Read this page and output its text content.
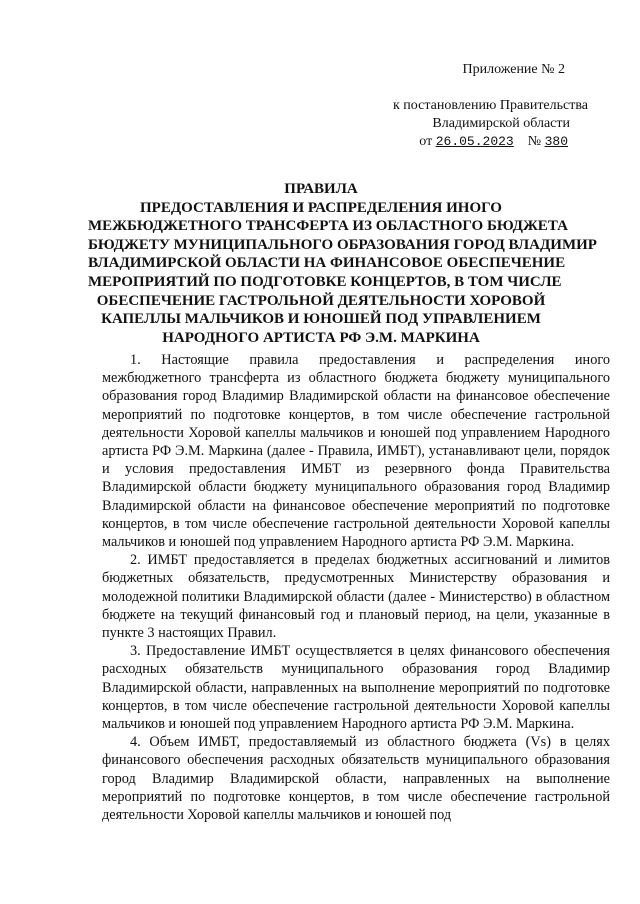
Приложение № 2
к постановлению Правительства
Владимирской области
от 26.05.2023 № 380
ПРАВИЛА
ПРЕДОСТАВЛЕНИЯ И РАСПРЕДЕЛЕНИЯ ИНОГО
МЕЖБЮДЖЕТНОГО ТРАНСФЕРТА ИЗ ОБЛАСТНОГО БЮДЖЕТА
БЮДЖЕТУ МУНИЦИПАЛЬНОГО ОБРАЗОВАНИЯ ГОРОД ВЛАДИМИР
ВЛАДИМИРСКОЙ ОБЛАСТИ НА ФИНАНСОВОЕ ОБЕСПЕЧЕНИЕ
МЕРОПРИЯТИЙ ПО ПОДГОТОВКЕ КОНЦЕРТОВ, В ТОМ ЧИСЛЕ
ОБЕСПЕЧЕНИЕ ГАСТРОЛЬНОЙ ДЕЯТЕЛЬНОСТИ ХОРОВОЙ
КАПЕЛЛЫ МАЛЬЧИКОВ И ЮНОШЕЙ ПОД УПРАВЛЕНИЕМ
НАРОДНОГО АРТИСТА РФ Э.М. МАРКИНА

1. Настоящие правила предоставления и распределения иного межбюджетного трансферта из областного бюджета бюджету муниципального образования город Владимир Владимирской области на финансовое обеспечение мероприятий по подготовке концертов, в том числе обеспечение гастрольной деятельности Хоровой капеллы мальчиков и юношей под управлением Народного артиста РФ Э.М. Маркина (далее - Правила, ИМБТ), устанавливают цели, порядок и условия предоставления ИМБТ из резервного фонда Правительства Владимирской области бюджету муниципального образования город Владимир Владимирской области на финансовое обеспечение мероприятий по подготовке концертов, в том числе обеспечение гастрольной деятельности Хоровой капеллы мальчиков и юношей под управлением Народного артиста РФ Э.М. Маркина.

2. ИМБТ предоставляется в пределах бюджетных ассигнований и лимитов бюджетных обязательств, предусмотренных Министерству образования и молодежной политики Владимирской области (далее - Министерство) в областном бюджете на текущий финансовый год и плановый период, на цели, указанные в пункте 3 настоящих Правил.

3. Предоставление ИМБТ осуществляется в целях финансового обеспечения расходных обязательств муниципального образования город Владимир Владимирской области, направленных на выполнение мероприятий по подготовке концертов, в том числе обеспечение гастрольной деятельности Хоровой капеллы мальчиков и юношей под управлением Народного артиста РФ Э.М. Маркина.

4. Объем ИМБТ, предоставляемый из областного бюджета (Vs) в целях финансового обеспечения расходных обязательств муниципального образования город Владимир Владимирской области, направленных на выполнение мероприятий по подготовке концертов, в том числе обеспечение гастрольной деятельности Хоровой капеллы мальчиков и юношей под
